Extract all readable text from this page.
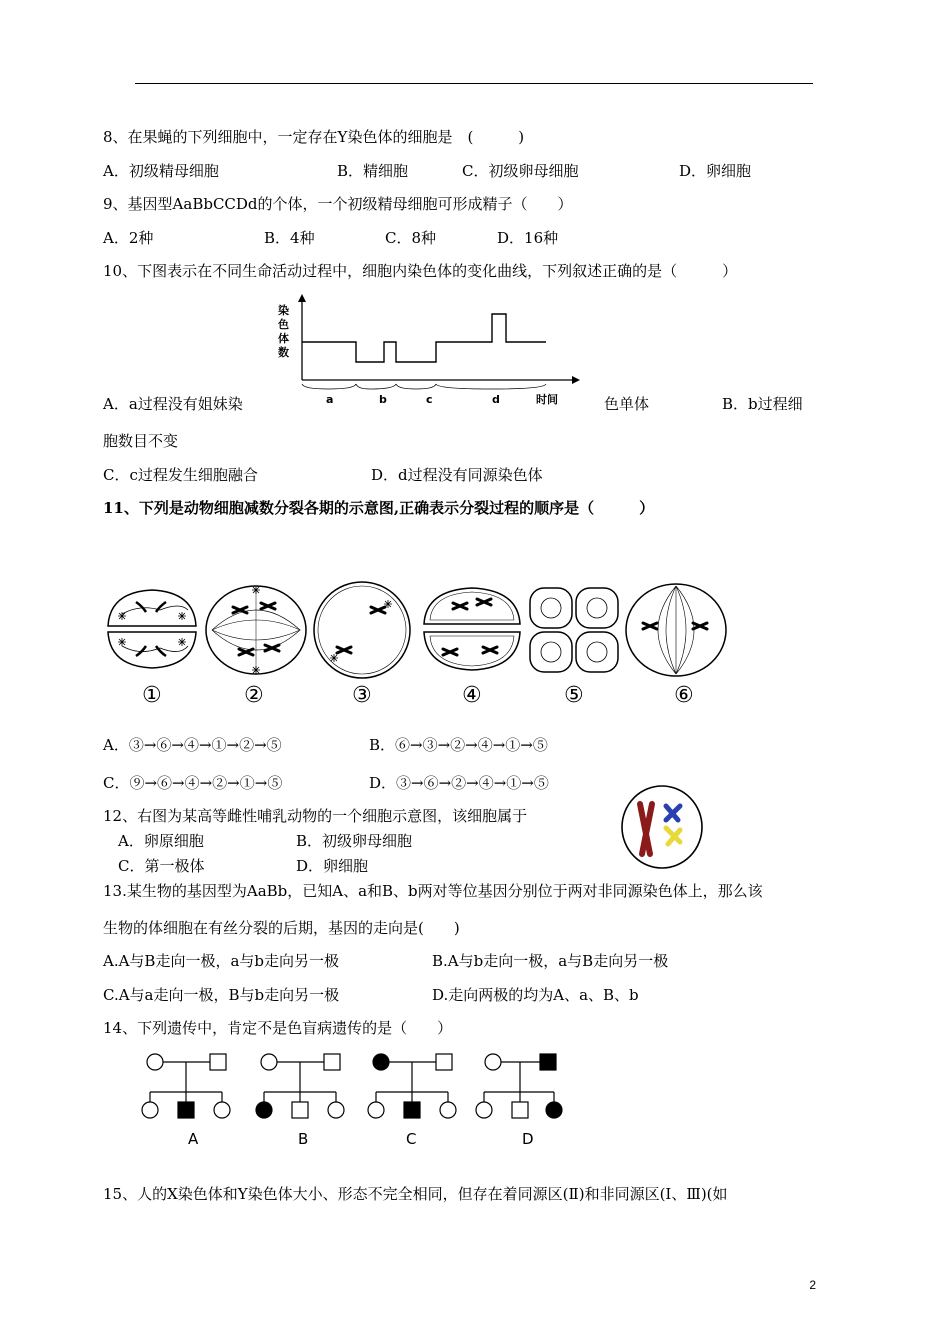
8、在果蝇的下列细胞中，一定存在Y染色体的细胞是　(　　　)
A．初级精母细胞	B．精细胞	C．初级卵母细胞	D．卵细胞
9、基因型AaBbCCDd的个体，一个初级精母细胞可形成精子（　　）
A．2种	B．4种	C．8种	D．16种
10、下图表示在不同生命活动过程中，细胞内染色体的变化曲线，下列叙述正确的是（　　　）
染
色
体
数
a	b	c	d	时间
A．a过程没有姐妹染	色单体	B．b过程细
胞数目不变
C．c过程发生细胞融合	D．d过程没有同源染色体
11、下列是动物细胞减数分裂各期的示意图,正确表示分裂过程的顺序是（　　　）
①	②	③	④	⑤	⑥
A．③→⑥→④→①→②→⑤	B．⑥→③→②→④→①→⑤
C．⑨→⑥→④→②→①→⑤	D．③→⑥→②→④→①→⑤
12、右图为某高等雌性哺乳动物的一个细胞示意图，该细胞属于
A．卵原细胞	B．初级卵母细胞
C．第一极体	D．卵细胞
13.某生物的基因型为AaBb，已知A、a和B、b两对等位基因分别位于两对非同源染色体上，那么该
生物的体细胞在有丝分裂的后期，基因的走向是(　　)
A.A与B走向一极，a与b走向另一极	B.A与b走向一极，a与B走向另一极
C.A与a走向一极，B与b走向另一极	D.走向两极的均为A、a、B、b
14、下列遗传中，肯定不是色盲病遗传的是（　　）
A	B	C	D
15、人的X染色体和Y染色体大小、形态不完全相同，但存在着同源区(Ⅱ)和非同源区(Ⅰ、Ⅲ)(如
2
